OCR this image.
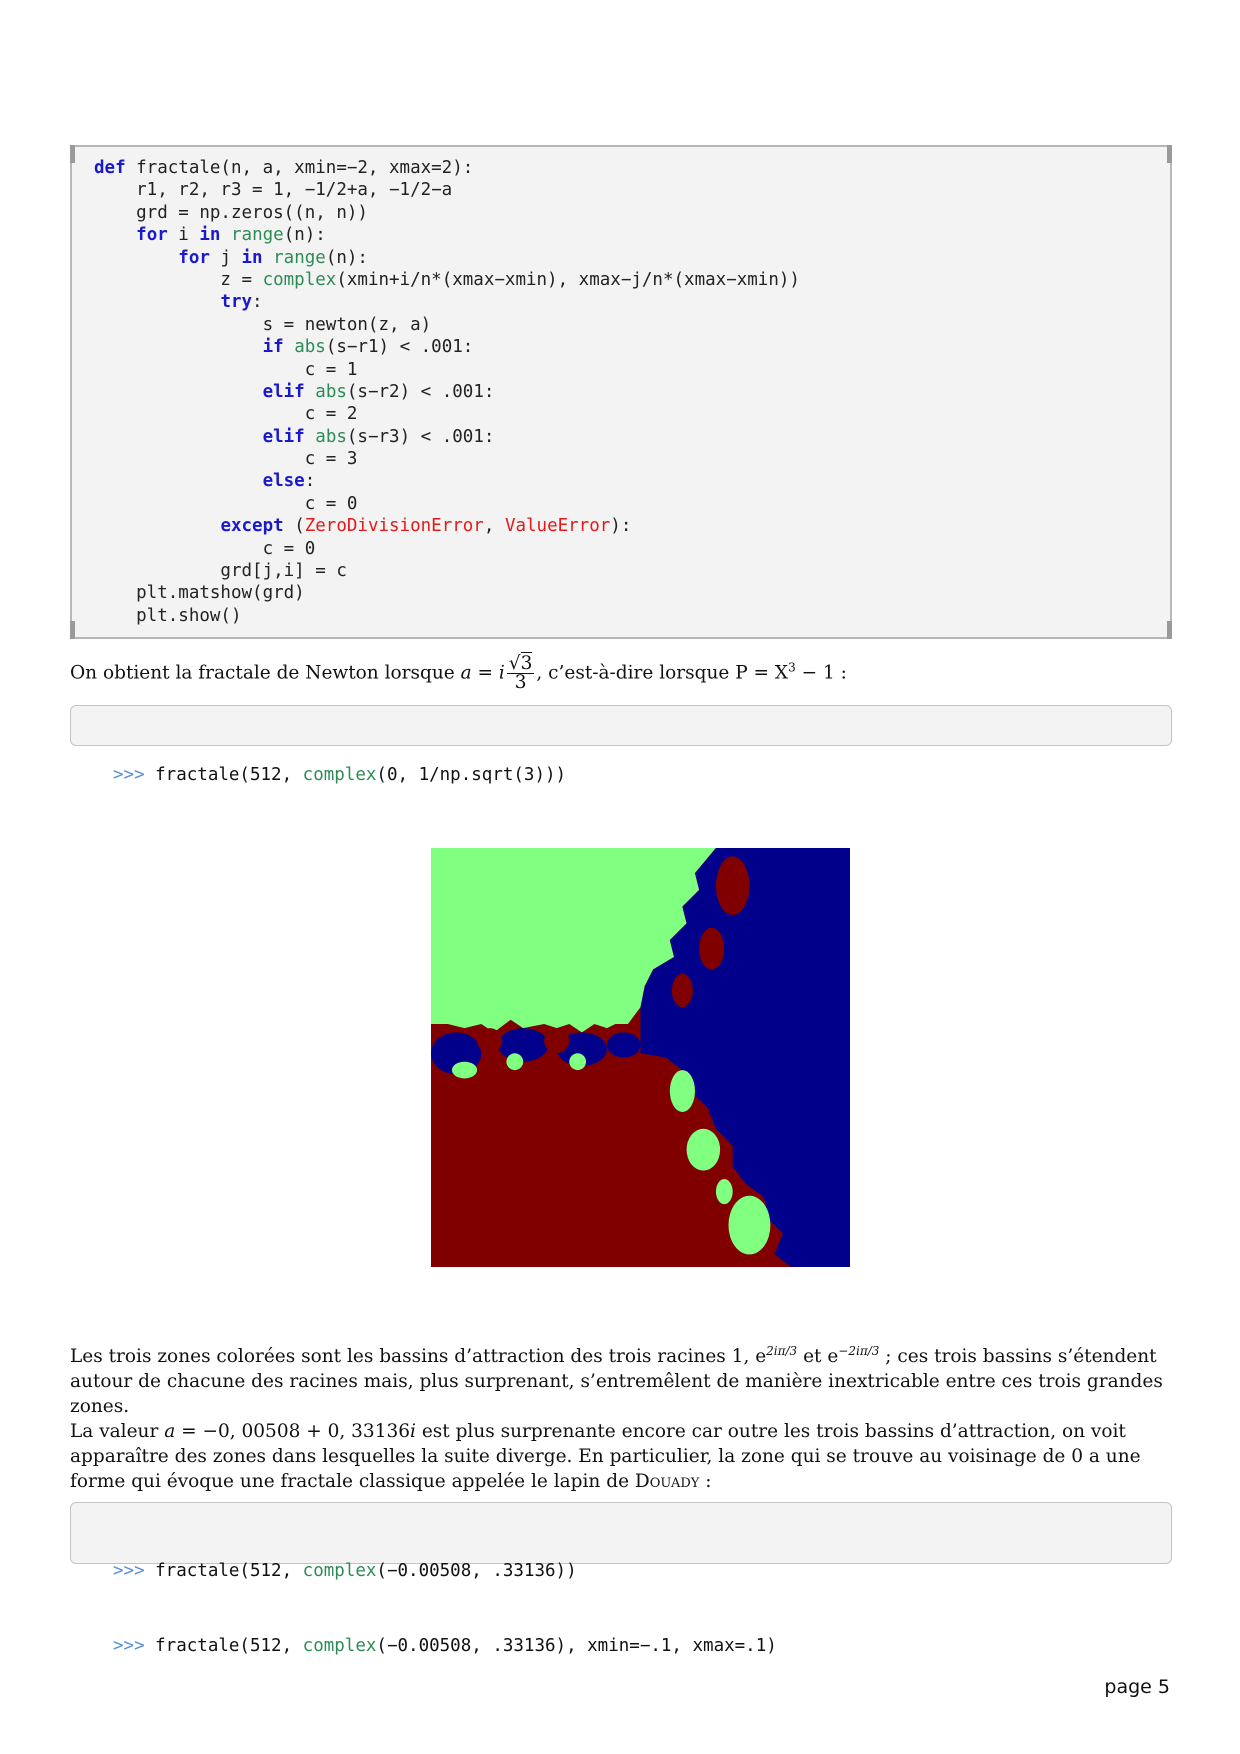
def fractale(n, a, xmin=−2, xmax=2):
r1, r2, r3 = 1, −1/2+a, −1/2−a
grd = np.zeros((n, n))
for i in range(n):
for j in range(n):
z = complex(xmin+i/n*(xmax−xmin), xmax−j/n*(xmax−xmin))
try:
s = newton(z, a)
if abs(s−r1) < .001:
c = 1
elif abs(s−r2) < .001:
c = 2
elif abs(s−r3) < .001:
c = 3
else:
c = 0
except (ZeroDivisionError, ValueError):
c = 0
grd[j,i] = c
plt.matshow(grd)
plt.show()
On obtient la fractale de Newton lorsque a = i $\frac{√3}{3}$ , c’est-à-dire lorsque $P = X^3 - 1$ :

>>> fractale(512, complex(0, 1/np.sqrt(3)))

Les trois zones colorées sont les bassins d’attraction des trois racines 1, $e^{2i\pi/3}$ et $e^{-2i\pi/3}$ ; ces trois bassins s’étendent autour de chacune des racines mais, plus surprenant, s’entremêlent de manière inextricable entre ces trois grandes zones.
La valeur a = −0, 00508 + 0, 33136i est plus surprenante encore car outre les trois bassins d’attraction, on voit apparaître des zones dans lesquelles la suite diverge. En particulier, la zone qui se trouve au voisinage de 0 a une forme qui évoque une fractale classique appelée le lapin de Douady :

>>> fractale(512, complex(−0.00508, .33136))

>>> fractale(512, complex(−0.00508, .33136), xmin=−.1, xmax=.1)

page 5
